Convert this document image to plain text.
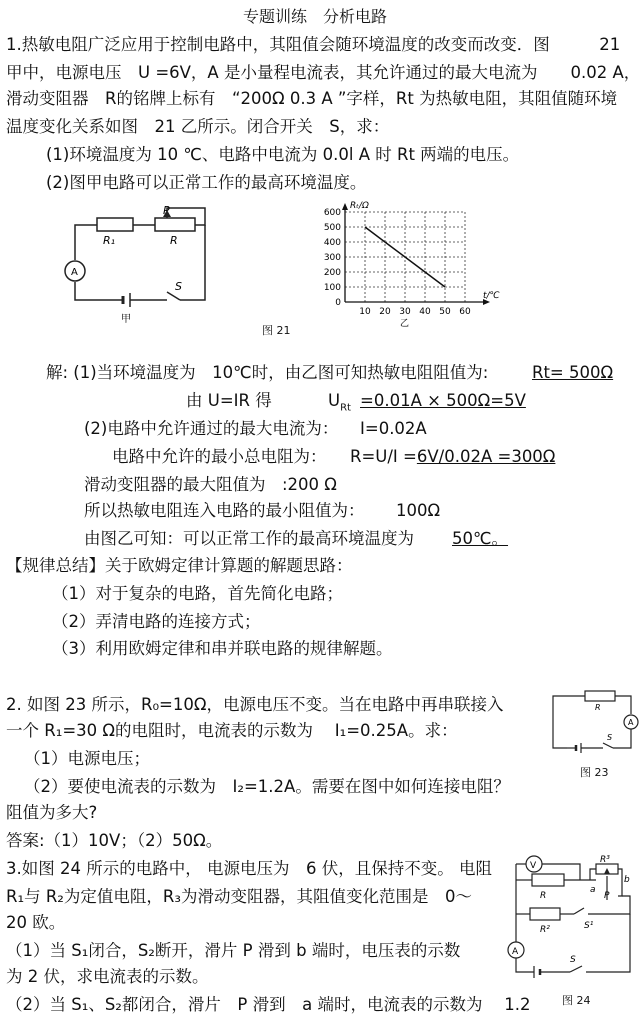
专题训练　分析电路
1.热敏电阻广泛应用于控制电路中，其阻值会随环境温度的改变而改变．图　　　21
甲中，电源电压　U =6V，A 是小量程电流表，其允许通过的最大电流为　　0.02 A，
滑动变阻器　R的铭牌上标有　“200Ω 0.3 A ”字样，Rt 为热敏电阻，其阻值随环境
温度变化关系如图　21 乙所示。闭合开关　S，求：
(1)环境温度为 10 ℃、电路中电流为 0.0l A 时 Rt 两端的电压。
(2)图甲电路可以正常工作的最高环境温度。
R₁	R
P
S
A
甲
Rₜ/Ω
t/℃
600
500
400
300
200
100
0
10 20 30 40 50 60
乙
图 21
解: (1)当环境温度为　10℃时，由乙图可知热敏电阻阻值为:	Rt= 500Ω
由 U=IR 得	$U_{Rt} =0.01A \times 500\Omega=5V$
(2)电路中允许通过的最大电流为： I=0.02A
电路中允许的最小总电阻为： R=U/I =6V/0.02A =300Ω
滑动变阻器的最大阻值为　:200 Ω
所以热敏电阻连入电路的最小阻值为： 100Ω
由图乙可知：可以正常工作的最高环境温度为 50℃。
【规律总结】关于欧姆定律计算题的解题思路：
（1）对于复杂的电路，首先简化电路；
（2）弄清电路的连接方式；
（3）利用欧姆定律和串并联电路的规律解题。
2. 如图 23 所示，R₀=10Ω，电源电压不变。当在电路中再串联接入
一个 R₁=30 Ω的电阻时，电流表的示数为　 I₁=0.25A。求：
（1）电源电压；
（2）要使电流表的示数为　I₂=1.2A。需要在图中如何连接电阻？
阻值为多大?
答案:（1）10V；（2）50Ω。
R
A
S
图 23
3.如图 24 所示的电路中， 电源电压为　6 伏，且保持不变。 电阻
R₁与 R₂为定值电阻，R₃为滑动变阻器，其阻值变化范围是　0～
20 欧。
（1）当 S₁闭合，S₂断开，滑片 P 滑到 b 端时，电压表的示数
为 2 伏，求电流表的示数。
（2）当 S₁、S₂都闭合，滑片　P 滑到　a 端时，电流表的示数为　 1.2
V
R
R³
a
b
P
R²	S¹
A
S
图 24
